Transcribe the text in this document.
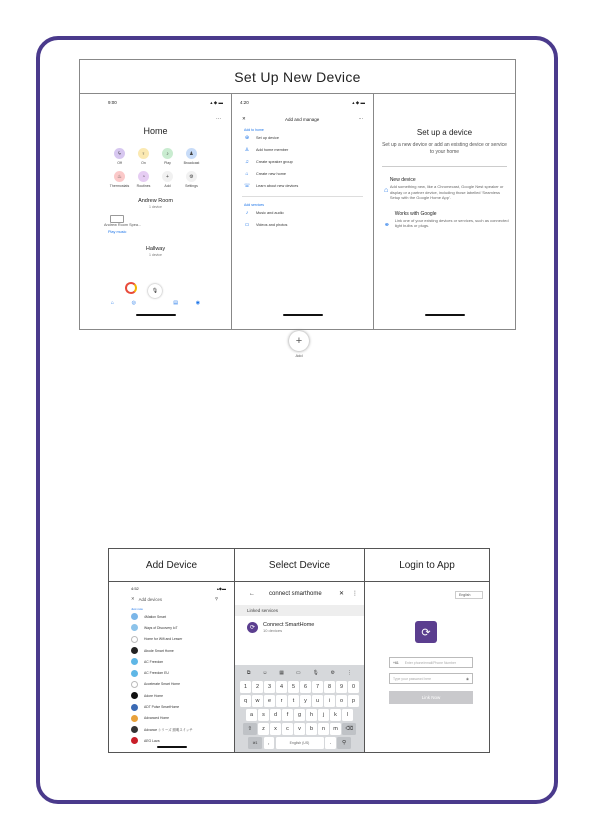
Set Up New Device
9:00	▴ ◆ ▬
···
Home
ϟ
Off
♀
On
♪
Play
♟
Broadcast
♨
Thermostats
◔
Routines
+
Add
⚙
Settings
Andrew Room
1 device
Andrew Room Spea...
Play music
Hallway
1 device
🎙
⌂	◎	▤	◉
4:20	▴ ◆ ▬
✕	Add and manage	⋯
Add to home
⊕ Set up device
♙ Add home member
♫ Create speaker group
⌂	Create new home
☏ Learn about new devices
Add services
♪	Music and audio
▭ Videos and photos
Set up a device
Set up a new device or add an existing device or service to your home
⌂
New device
Add something new, like a Chromecast, Google Nest speaker or display or a partner device, including those labelled 'Seamless Setup with the Google Home App'.
⚭
Works with Google
Link one of your existing devices or services, such as connected light bulbs or plugs.
+
Add
Add Device	Select Device	Login to App
4:52	▴◆▬
✕ Add devices	⚲
Just now
4Mation Smart
Ways of Discovery loT
Home for Wifi and Lesser
Abode Smart Home
AC Freedom
AC Freedom EU
Accelerate Smart Home
Adore Home
ADT Pulse SmartHome
Advanced Home
Advance シリーズ 照明スイッチ
AEG Lava
← connect smarthome	✕ ⋮
Linked services
⟳	Connect SmartHome
10 devices
⧉ ☺ ▦ ▭ 🎙 ⚙ ⋮
1	2	3	4	5	6	7	8	9	0
q	w	e	r	t	y	u	i	o	p
a	s	d	f	g	h	j	k	l
⇧	z	x	c	v	b	n	m	⌫
!#1	,	English (US)	.	⚲
English
⟳
+61 Enter phone/email/Phone Number
Type your password here	◉
Link Now
